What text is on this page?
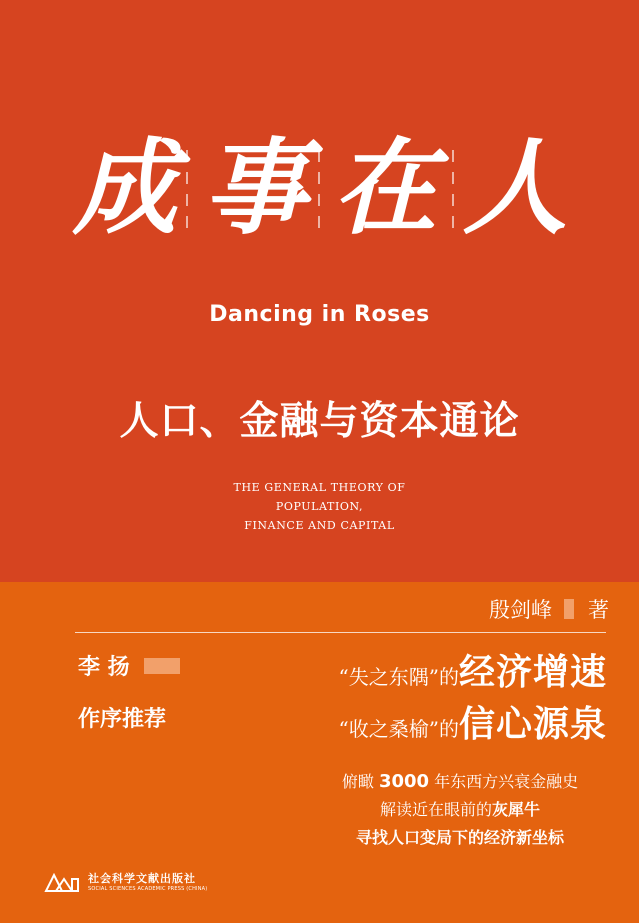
成 事 在 人
Dancing in Roses
人口、金融与资本通论
THE GENERAL THEORY OF
POPULATION,
FINANCE AND CAPITAL
殷剑峰 著
李 扬
作序推荐
“失之东隅”的经济增速
“收之桑榆”的信心源泉
俯瞰 3000 年东西方兴衰金融史
解读近在眼前的灰犀牛
寻找人口变局下的经济新坐标
社会科学文献出版社
SOCIAL SCIENCES ACADEMIC PRESS (CHINA)
